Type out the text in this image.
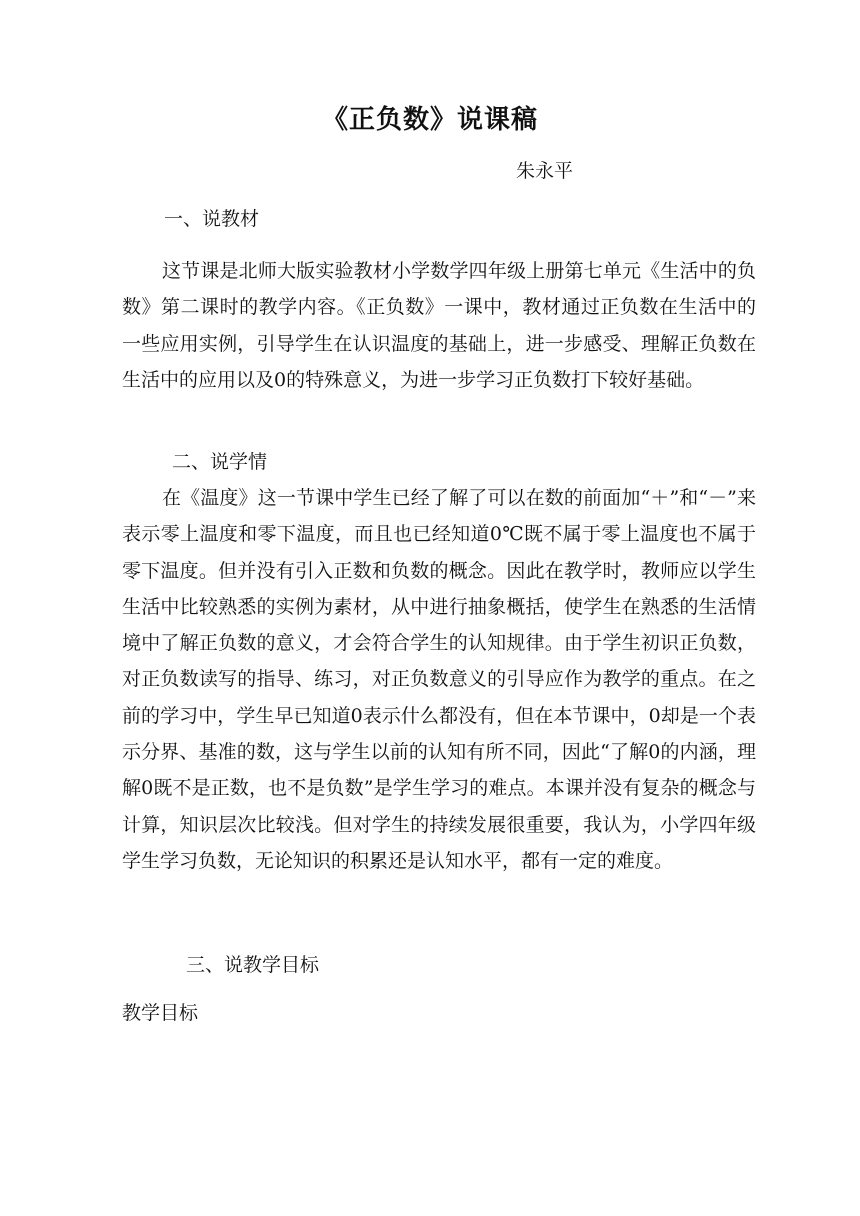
《正负数》说课稿
朱永平
一、说教材
这节课是北师大版实验教材小学数学四年级上册第七单元《生活中的负数》第二课时的教学内容。《正负数》一课中，教材通过正负数在生活中的一些应用实例，引导学生在认识温度的基础上，进一步感受、理解正负数在生活中的应用以及0的特殊意义，为进一步学习正负数打下较好基础。
二、说学情
在《温度》这一节课中学生已经了解了可以在数的前面加“＋”和“－”来表示零上温度和零下温度，而且也已经知道0℃既不属于零上温度也不属于零下温度。但并没有引入正数和负数的概念。因此在教学时，教师应以学生生活中比较熟悉的实例为素材，从中进行抽象概括，使学生在熟悉的生活情境中了解正负数的意义，才会符合学生的认知规律。由于学生初识正负数，对正负数读写的指导、练习，对正负数意义的引导应作为教学的重点。在之前的学习中，学生早已知道0表示什么都没有，但在本节课中，0却是一个表示分界、基准的数，这与学生以前的认知有所不同，因此“了解0的内涵，理解0既不是正数，也不是负数”是学生学习的难点。本课并没有复杂的概念与计算，知识层次比较浅。但对学生的持续发展很重要，我认为，小学四年级学生学习负数，无论知识的积累还是认知水平，都有一定的难度。
三、说教学目标
教学目标
